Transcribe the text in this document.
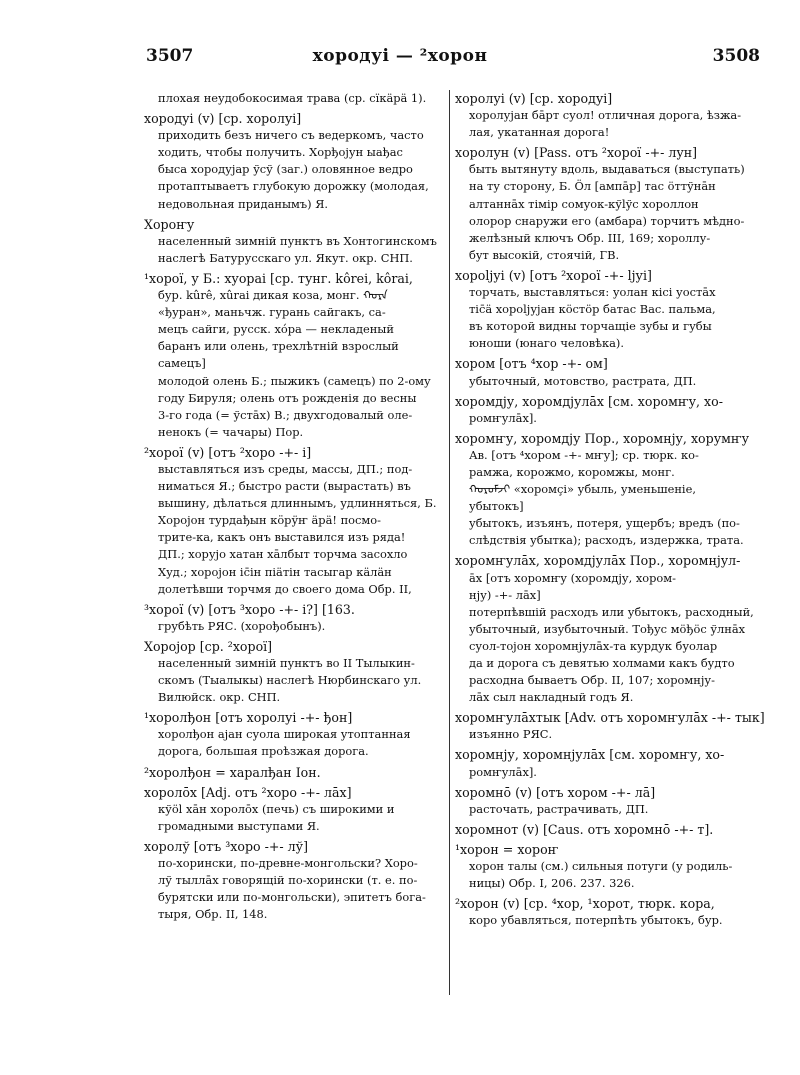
3507	хородуі — ²хорон	3508
плохая неудобокосимая трава (ср. сїкäрä 1).
хородуі (v) [ср. хоролуі]
приходить безъ ничего съ ведеркомъ, часто
ходить, чтобы получить. Хорђојун ыађас
быса хородуjар ўсў (заг.) оловянное ведро
протаптываетъ глубокую дорожку (молодая,
недовольная приданымъ) Я.
Хороҥу
населенный зимній пунктъ въ Хонтогинскомъ
наслегѣ Батурусскаго ул. Якут. окр. СНП.
¹хорої, у Б.: хуораі [ср. тунг. kôrei, kôrai,
бур. kûrê, xûrai дикая коза, монг. ᠬᠣᠷᠠ
«ђуран», маньчж. гурань сайгакъ, са-
мецъ сайги, русск. хóра — некладеный
баранъ или олень, трехлѣтній взрослый
самецъ]
молодой олень Б.; пыжикъ (самецъ) по 2-ому
году Бируля; олень отъ рожденія до весны
3-го года (= ўстāх) В.; двухгодовалый оле-
ненокъ (= чачары) Пор.
²хорої (v) [отъ ²хоро -+- і]
выставляться изъ среды, массы, ДП.; под-
ниматься Я.; быстро расти (вырастать) въ
вышину, дѣлаться длиннымъ, удлинняться, Б.
Хоројон турдађын кӧрӱҥ äрä! посмо-
трите-ка, какъ онъ выставился изъ ряда!
ДП.; хорујо хатан хāлбыт торчма засохло
Худ.; хоројон іс̄ін піäтін тасыгар кäлäн
долетѣвши торчмя до своего дома Обр. II,
³хорої (v) [отъ ³хоро -+- і?] [163.
грубѣть РЯС. (хорођобынъ).
Хоројор [ср. ²хорої]
населенный зимній пунктъ во II Тылыкин-
скомъ (Тыалыкы) наслегѣ Нюрбинскаго ул.
Вилюйск. окр. СНП.
¹хоролђон [отъ хоролуі -+- ђон]
хоролђон аjан суола широкая утоптанная
дорога, большая проѣзжая дорога.
²хоролђон = харалђан Іон.
хоролōх [Adj. отъ ²хоро -+- лāх]
кўöl хāн хоролōх (печь) съ широкими и
громадными выступами Я.
хоролў [отъ ³хоро -+- лў]
по-хорински, по-древне-монгольски? Хоро-
лў тыллāх говорящій по-хорински (т. е. по-
бурятски или по-монгольски), эпитетъ бога-
тыря, Обр. II, 148.
хоролуі (v) [ср. хородуі]
хоролуjан бāрт суол! отличная дорога, ѣзжа-
лая, укатанная дорога!
хоролун (v) [Pass. отъ ²хорої -+- лун]
быть вытянуту вдоль, выдаваться (выступать)
на ту сторону, Б. Öл [ампāр] тас öттўнāн
алтаннāх тімір сомуок-кўlўс хороллон
олорор снаружи его (амбара) торчитъ мѣдно-
желѣзный ключъ Обр. III, 169; хороллу-
бут высокій, стоячій, ГВ.
хороljуі (v) [отъ ²хорої -+- ljуі]
торчать, выставляться: уолан кісі уостāх
тіс̄ä хороljујан кöстöр батас Вас. пальма,
въ которой видны торчащіе зубы и губы
юноши (юнаго человѣка).
хором [отъ ⁴хор -+- ом]
убыточный, мотовство, растрата, ДП.
хоромдју, хоромдјулāх [см. хоромҥу, хо-
ромҥулāх].
хоромҥу, хоромдју Пор., хоромнју, хорумҥу
Ав. [отъ ⁴хором -+- мҥу]; ср. тюрк. ко-
рамжа, корожмо, коромжы, монг.
ᠬᠣᠷᠣᠮᠵᠢ «хоромҫі» убыль, уменьшеніе,
убытокъ]
убытокъ, изъянъ, потеря, ущербъ; вредъ (по-
слѣдствія убытка); расходъ, издержка, трата.
хоромҥулāх, хоромдјулāх Пор., хоромнјул-
āх [отъ хоромҥу (хоромдју, хором-
нју) -+- лāх]
потерпѣвшій расходъ или убытокъ, расходный,
убыточный, изубыточный. Тођус мöђöс ўлнāх
суол-тојон хоромнјулāх-та курдук буолар
да и дорога съ девятью холмами какъ будто
расходна бываетъ Обр. II, 107; хоромнју-
лāх сыл накладный годъ Я.
хоромҥулāхтык [Adv. отъ хоромҥулāх -+- тык]
изъянно РЯС.
хоромнју, хоромнјулāх [см. хоромҥу, хо-
ромҥулāх].
хоромнō (v) [отъ хором -+- лā]
расточать, растрачивать, ДП.
хоромнот (v) [Caus. отъ хоромнō -+- т].
¹хорон = хороҥ
хорон талы (см.) сильныя потуги (у родиль-
ницы) Обр. I, 206. 237. 326.
²хорон (v) [ср. ⁴хор, ¹хорот, тюрк. кора,
коро убавляться, потерпѣть убытокъ, бур.
